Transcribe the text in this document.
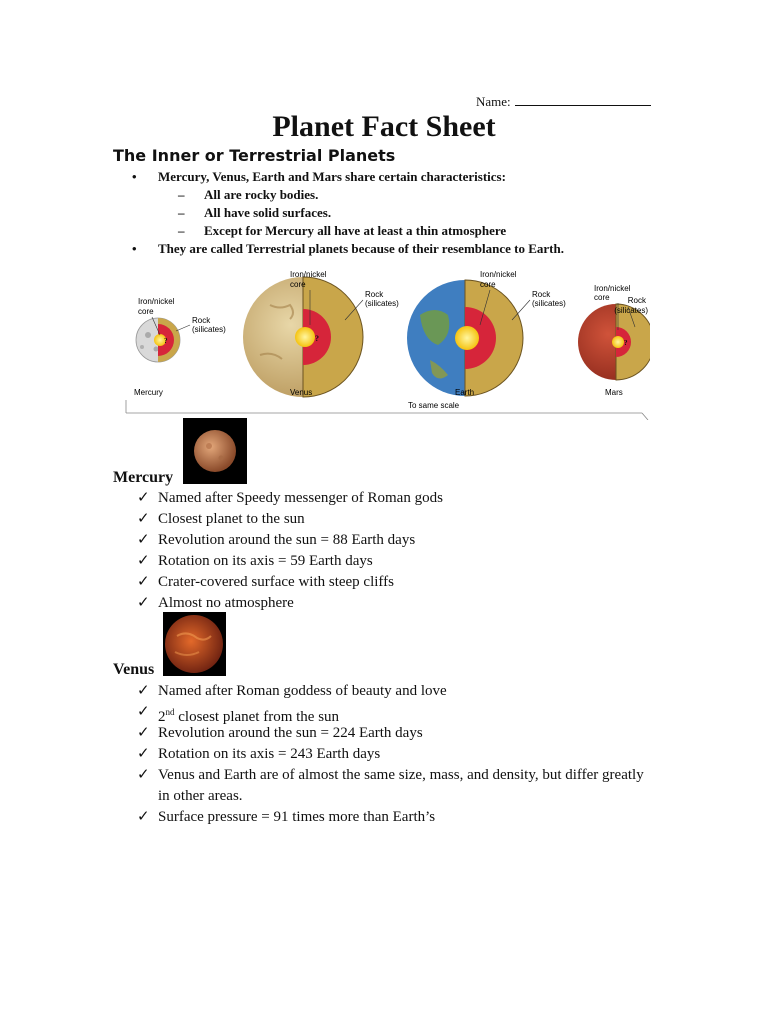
Name:
Planet Fact Sheet
The Inner or Terrestrial Planets
• Mercury, Venus, Earth and Mars share certain characteristics:
– All are rocky bodies.
– All have solid surfaces.
– Except for Mercury all have at least a thin atmosphere
• They are called Terrestrial planets because of their resemblance to Earth.
?
Iron/nickel
core
Rock
(silicates)
Mercury
?
Iron/nickel
core
Rock
(silicates)
Venus
Iron/nickel
core
Rock
(silicates)
Earth
To same scale
?
Iron/nickel
core Rock
(silicates)
Mars
Mercury
✓ Named after Speedy messenger of Roman gods
✓ Closest planet to the sun
✓ Revolution around the sun = 88 Earth days
✓ Rotation on its axis = 59 Earth days
✓ Crater-covered surface with steep cliffs
✓ Almost no atmosphere
Venus
✓ Named after Roman goddess of beauty and love
✓ 2nd closest planet from the sun
✓ Revolution around the sun = 224 Earth days
✓ Rotation on its axis = 243 Earth days
✓ Venus and Earth are of almost the same size, mass, and density, but differ greatly in other areas.
✓ Surface pressure = 91 times more than Earth’s
